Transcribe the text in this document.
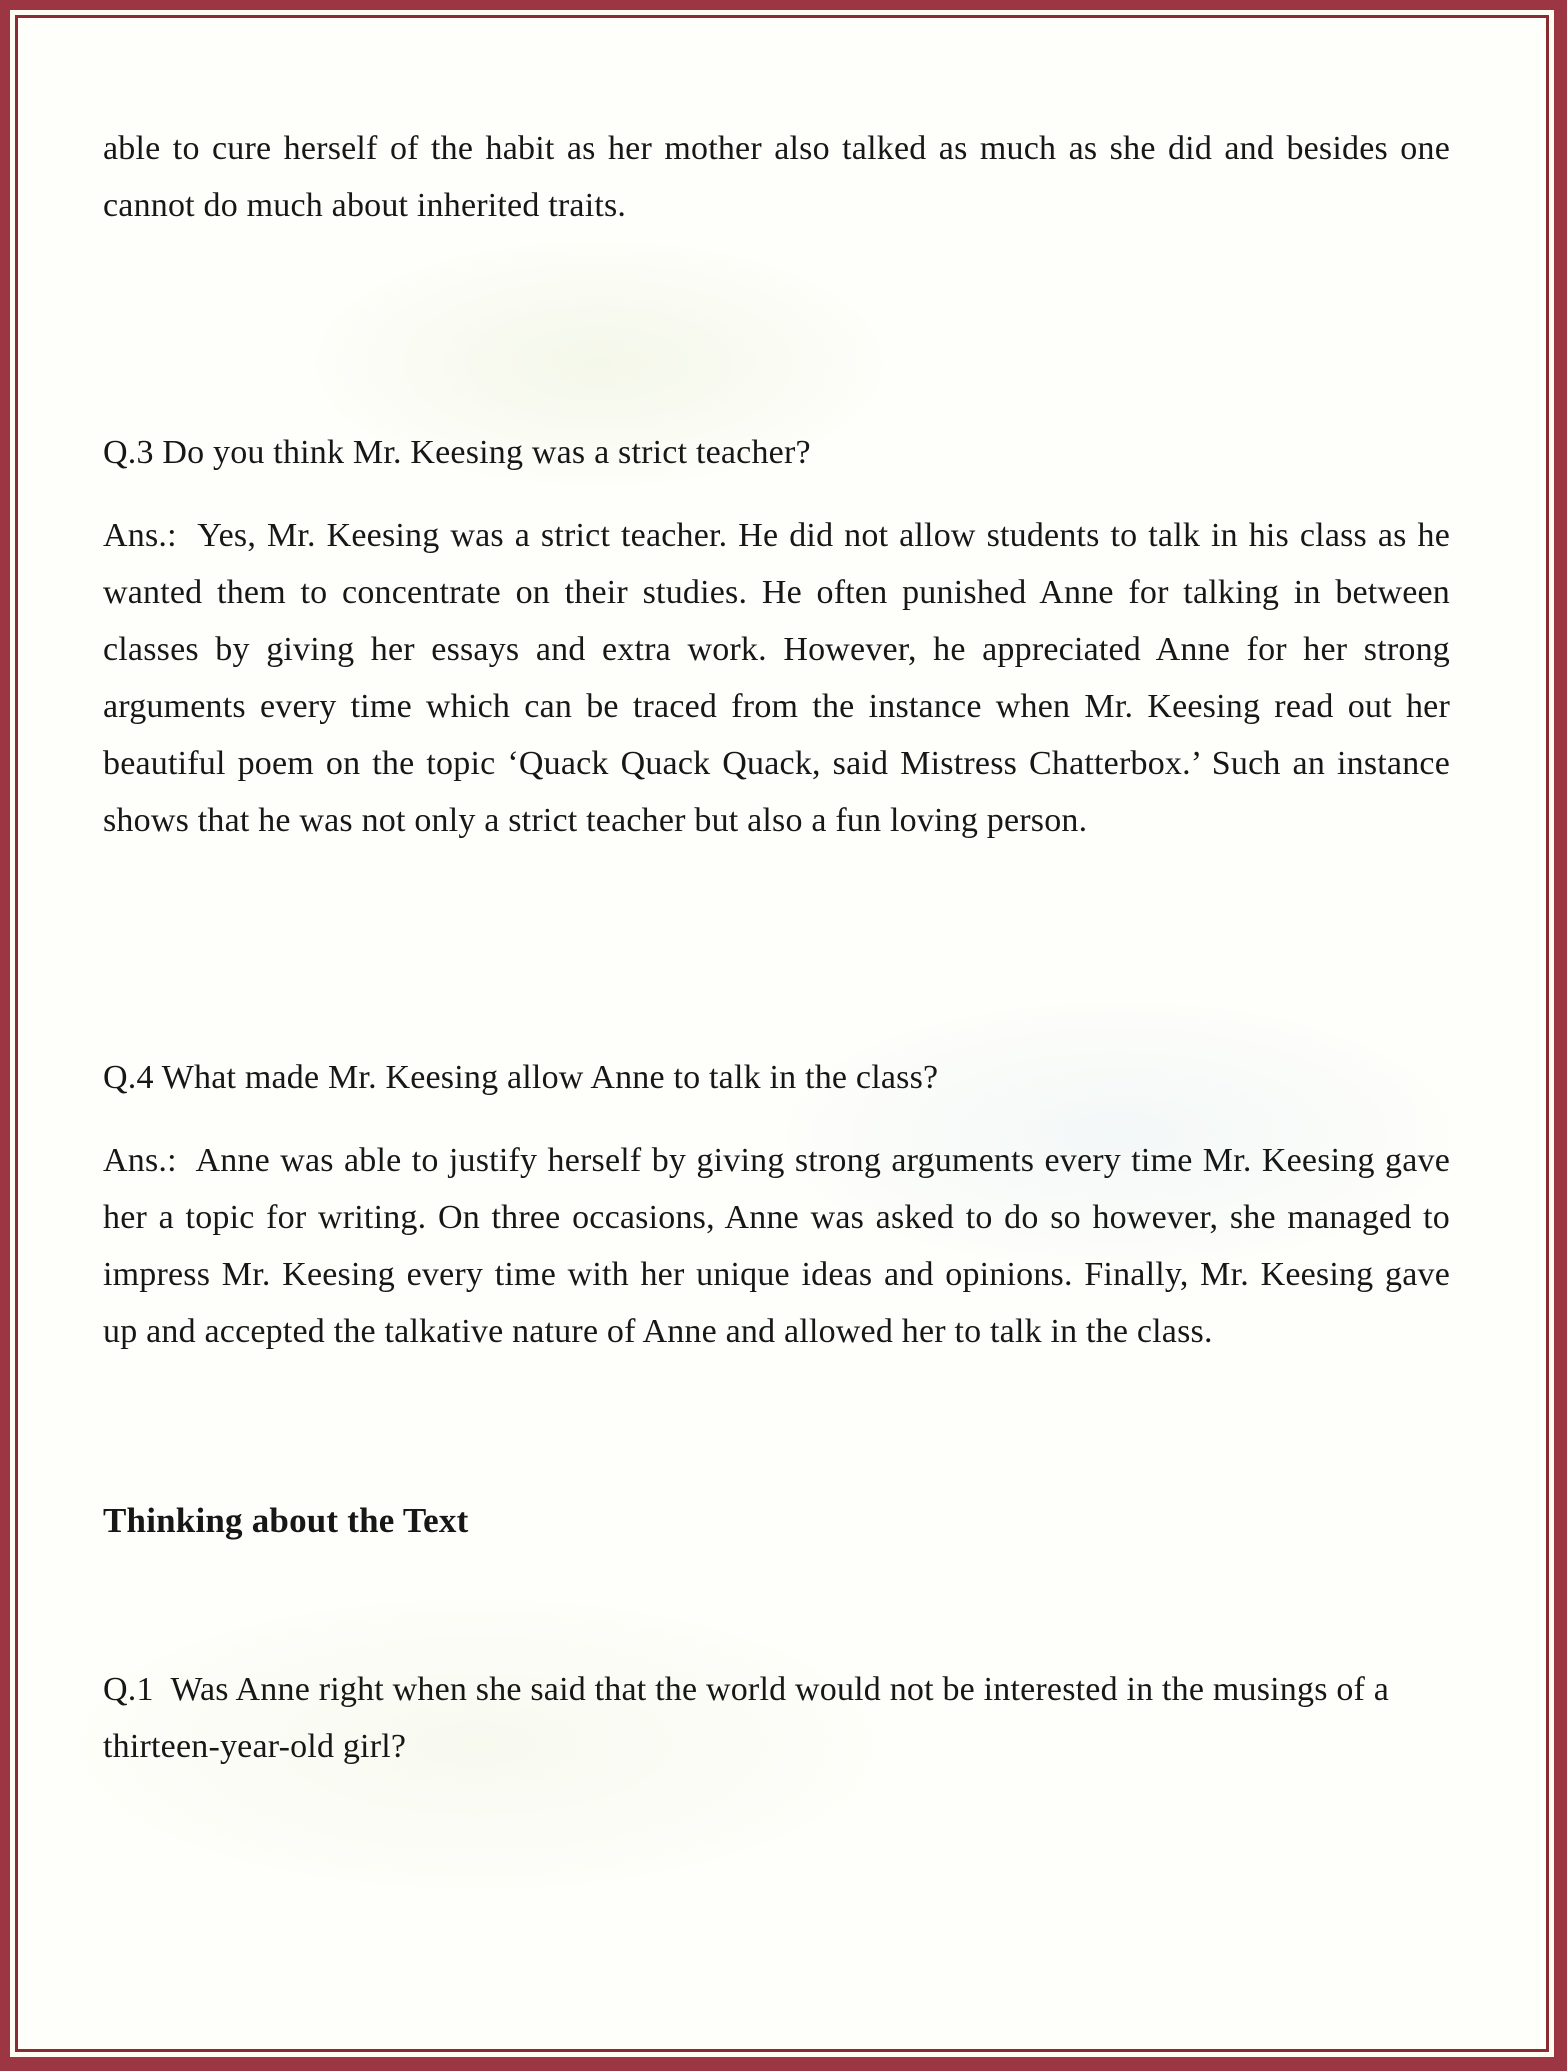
able to cure herself of the habit as her mother also talked as much as she did and besides one cannot do much about inherited traits.

Q.3 Do you think Mr. Keesing was a strict teacher?

Ans.:  Yes, Mr. Keesing was a strict teacher. He did not allow students to talk in his class as he wanted them to concentrate on their studies. He often punished Anne for talking in between classes by giving her essays and extra work. However, he appreciated Anne for her strong arguments every time which can be traced from the instance when Mr. Keesing read out her beautiful poem on the topic ‘Quack Quack Quack, said Mistress Chatterbox.’ Such an instance shows that he was not only a strict teacher but also a fun loving person.

Q.4 What made Mr. Keesing allow Anne to talk in the class?

Ans.:  Anne was able to justify herself by giving strong arguments every time Mr. Keesing gave her a topic for writing. On three occasions, Anne was asked to do so however, she managed to impress Mr. Keesing every time with her unique ideas and opinions. Finally, Mr. Keesing gave up and accepted the talkative nature of Anne and allowed her to talk in the class.

Thinking about the Text

Q.1  Was Anne right when she said that the world would not be interested in the musings of a thirteen-year-old girl?
